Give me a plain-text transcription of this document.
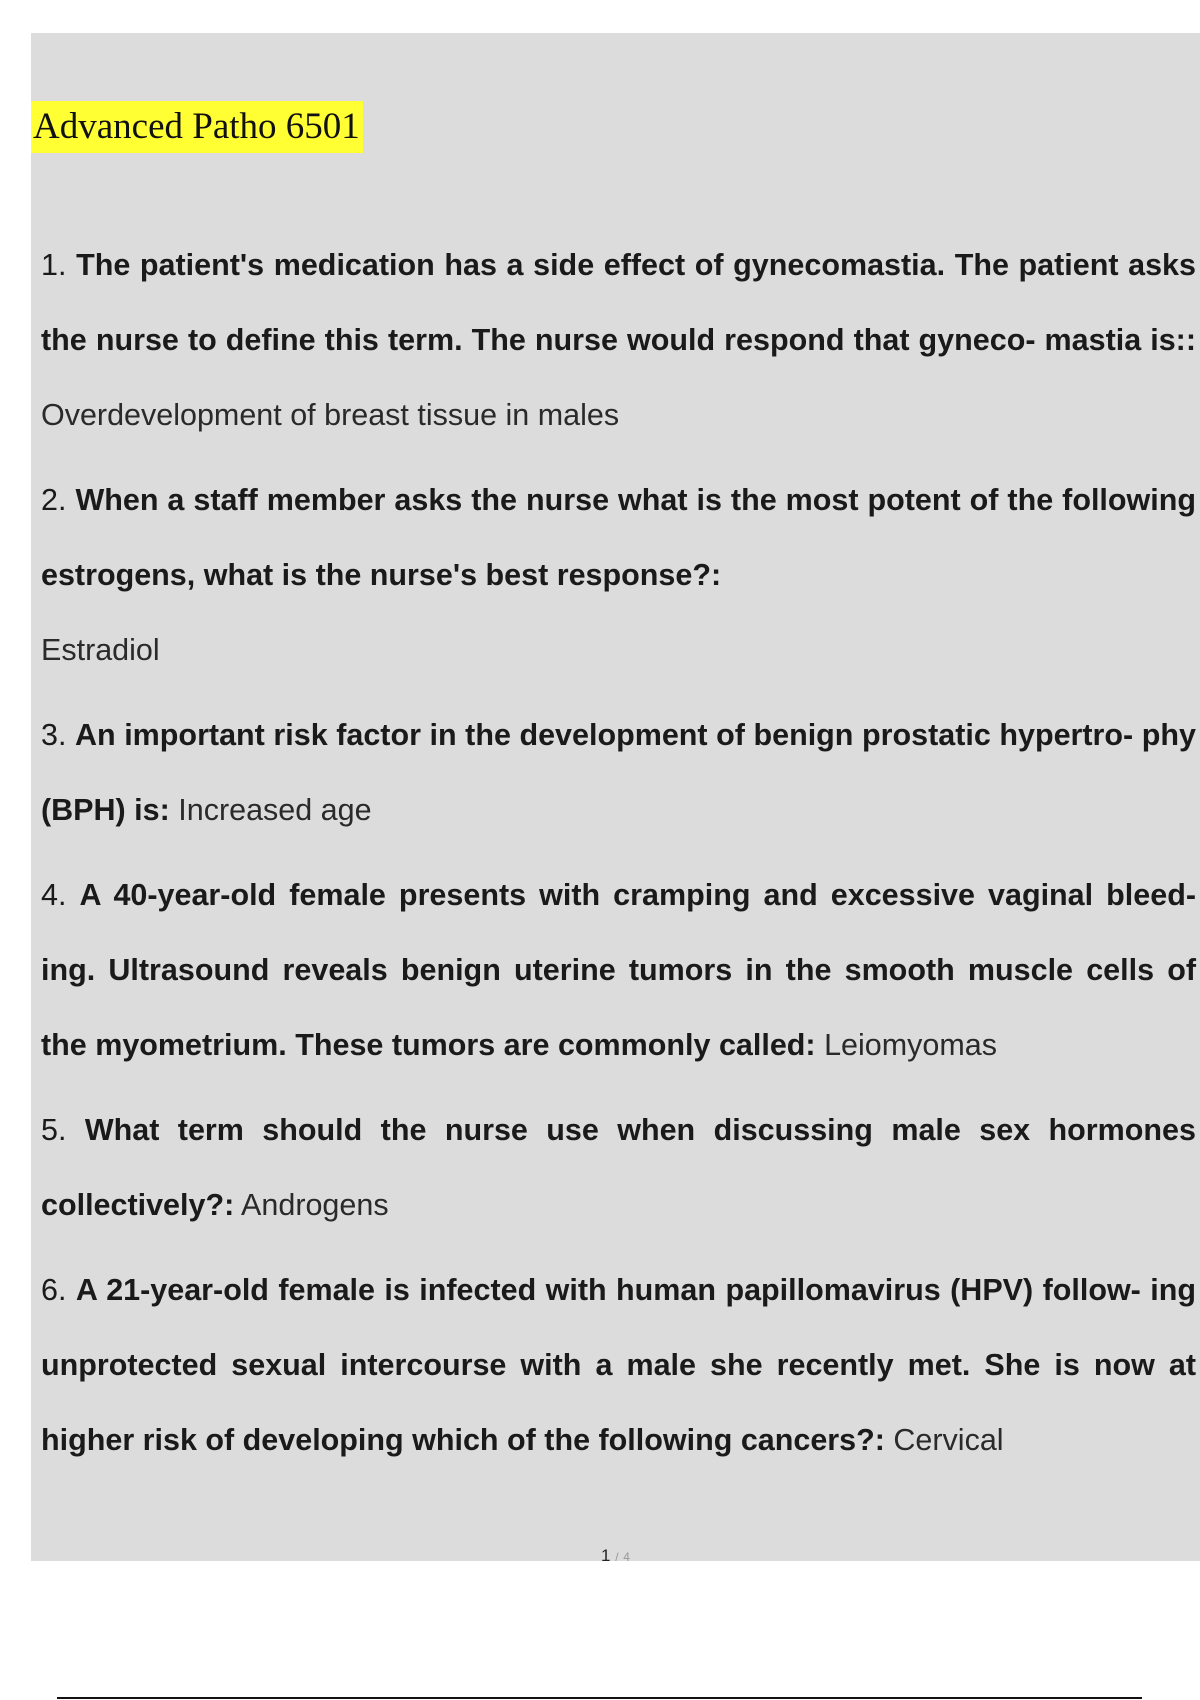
Advanced Patho 6501
1. The patient's medication has a side effect of gynecomastia. The patient asks the nurse to define this term. The nurse would respond that gyneco- mastia is:: Overdevelopment of breast tissue in males
2. When a staff member asks the nurse what is the most potent of the following estrogens, what is the nurse's best response?:
Estradiol
3. An important risk factor in the development of benign prostatic hypertro- phy (BPH) is: Increased age
4. A 40-year-old female presents with cramping and excessive vaginal bleed- ing. Ultrasound reveals benign uterine tumors in the smooth muscle cells of the myometrium. These tumors are commonly called: Leiomyomas
5. What term should the nurse use when discussing male sex hormones collectively?: Androgens
6. A 21-year-old female is infected with human papillomavirus (HPV) follow- ing unprotected sexual intercourse with a male she recently met. She is now at higher risk of developing which of the following cancers?: Cervical
1 / 4
